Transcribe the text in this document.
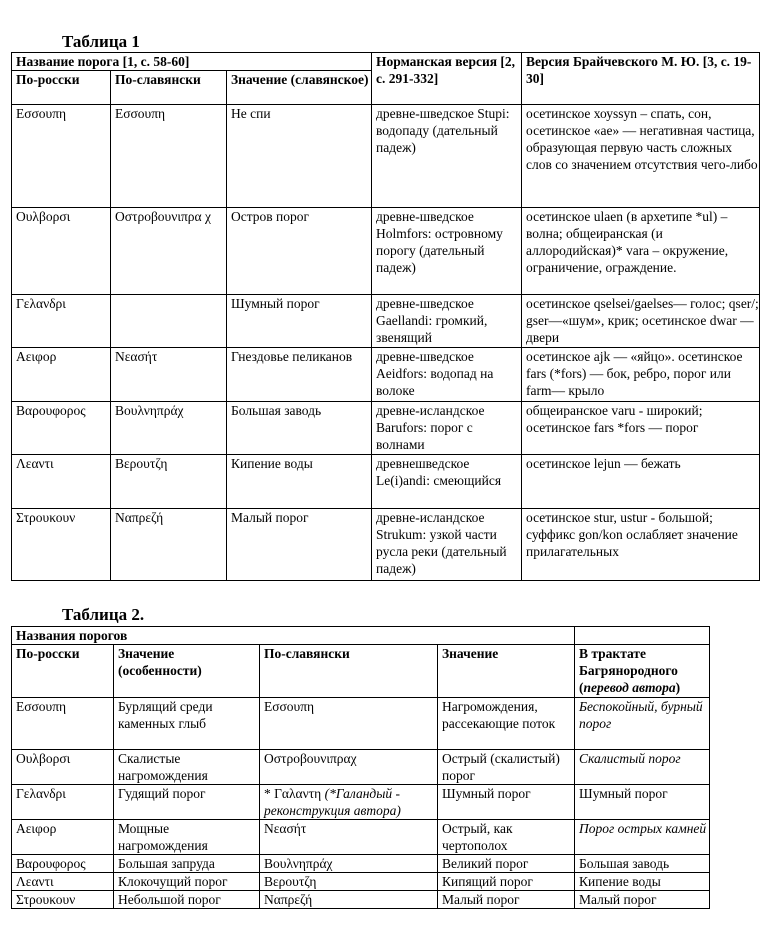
Таблица 1
Название порога [1, с. 58-60]			Норманская версия [2, с. 291-332]	Версия Брайчевского М. Ю. [3, с. 19-30]
По-росски	По-славянски	Значение (славянское)		

Εσσουπη	Εσσουπη	Не спи	древне-шведское Stupi: водопаду (дательный падеж)	осетинское хоуssyn – спать, сон, осетинское «ae» — негативная частица, образующая первую часть сложных слов со значением отсутствия чего-либо
Ουλβορσι	Οστροβουνιπρα χ	Остров порог	древне-шведское Holmfors: островному порогу (дательный падеж)	осетинское ulaen (в архетипе *ul) – волна; общеиранская (и аллородийская)* vara – окружение, ограничение, ограждение.
Γελανδρι		Шумный порог	древне-шведское Gaellandi: громкий, звенящий	осетинское qselsei/gaelses— голос; qser/; gser—«шум», крик; осетинское dwar — двери
Αειφορ	Νεασήτ	Гнездовье пеликанов	древне-шведское Aeidfors: водопад на волоке	осетинское ajk — «яйцо». осетинское fars (*fors) — бок, ребро, порог или farm— крыло
Βαρουφορος	Βουλνηπράχ	Большая заводь	древне-исландское Barufors: порог с волнами	общеиранское varu - широкий; осетинское fars *fors — порог
Λεαντι	Βερουτζη	Кипение воды	древнешведское Le(i)andi: смеющийся	осетинское lejun — бежать
Στρουκουν	Ναπρεζή	Малый порог	древне-исландское Strukum: узкой части русла реки (дательный падеж)	осетинское stur, ustur - большой; суффикс gon/kon ослабляет значение прилагательных
Таблица 2.
Названия порогов				
По-росски	Значение (особенности)	По-славянски	Значение	В трактате Багрянородного (перевод автора)
Εσσουπη	Бурлящий среди каменных глыб	Εσσουπη	Нагромождения, рассекающие поток	Беспокойный, бурный порог
Ουλβορσι	Скалистые нагромождения	Οστροβουνιπραχ	Острый (скалистый) порог	Скалистый порог
Γελανδρι	Гудящий порог	* Γαλαντη (*Галандый - реконструкция автора)	Шумный порог	Шумный порог
Αειφορ	Мощные нагромождения	Νεασήτ	Острый, как чертополох	Порог острых камней
Βαρουφορος	Большая запруда	Βουλνηπράχ	Великий порог	Большая заводь
Λεαντι	Клокочущий порог	Βερουτζη	Кипящий порог	Кипение воды
Στρουκουν	Небольшой порог	Ναπρεζή	Малый порог	Малый порог
